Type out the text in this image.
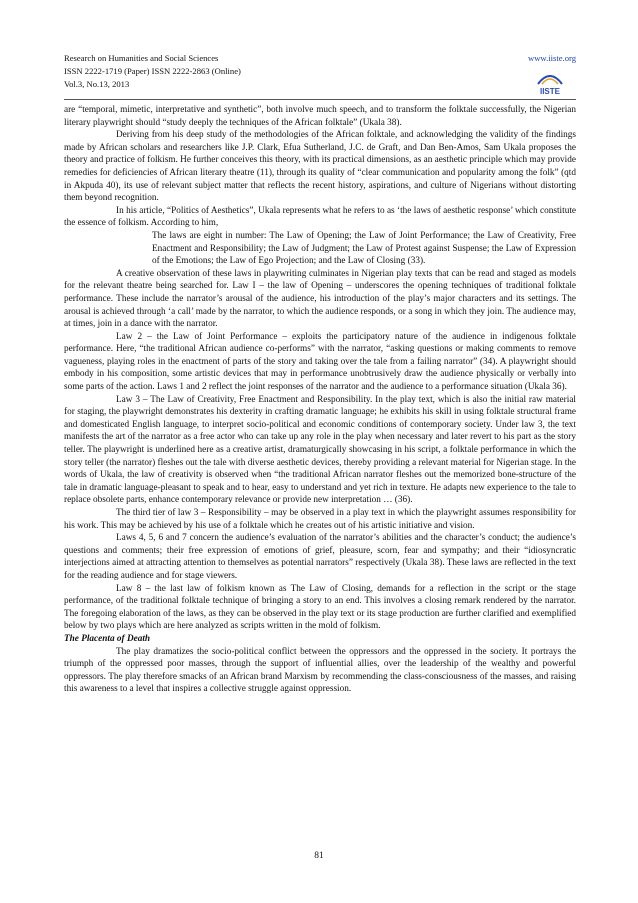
Research on Humanities and Social Sciences	www.iiste.org
ISSN 2222-1719 (Paper) ISSN 2222-2863 (Online)
Vol.3, No.13, 2013
IISTE

are “temporal, mimetic, interpretative and synthetic”, both involve much speech, and to transform the folktale successfully, the Nigerian literary playwright should “study deeply the techniques of the African folktale” (Ukala 38).

Deriving from his deep study of the methodologies of the African folktale, and acknowledging the validity of the findings made by African scholars and researchers like J.P. Clark, Efua Sutherland, J.C. de Graft, and Dan Ben-Amos, Sam Ukala proposes the theory and practice of folkism. He further conceives this theory, with its practical dimensions, as an aesthetic principle which may provide remedies for deficiencies of African literary theatre (11), through its quality of “clear communication and popularity among the folk” (qtd in Akpuda 40), its use of relevant subject matter that reflects the recent history, aspirations, and culture of Nigerians without distorting them beyond recognition.

In his article, “Politics of Aesthetics”, Ukala represents what he refers to as ‘the laws of aesthetic response’ which constitute the essence of folkism. According to him,

The laws are eight in number: The Law of Opening; the Law of Joint Performance; the Law of Creativity, Free Enactment and Responsibility; the Law of Judgment; the Law of Protest against Suspense; the Law of Expression of the Emotions; the Law of Ego Projection; and the Law of Closing (33).

A creative observation of these laws in playwriting culminates in Nigerian play texts that can be read and staged as models for the relevant theatre being searched for. Law I – the law of Opening – underscores the opening techniques of traditional folktale performance. These include the narrator’s arousal of the audience, his introduction of the play’s major characters and its settings. The arousal is achieved through ‘a call’ made by the narrator, to which the audience responds, or a song in which they join. The audience may, at times, join in a dance with the narrator.

Law 2 – the Law of Joint Performance – exploits the participatory nature of the audience in indigenous folktale performance. Here, “the traditional African audience co-performs” with the narrator, “asking questions or making comments to remove vagueness, playing roles in the enactment of parts of the story and taking over the tale from a failing narrator” (34). A playwright should embody in his composition, some artistic devices that may in performance unobtrusively draw the audience physically or verbally into some parts of the action. Laws 1 and 2 reflect the joint responses of the narrator and the audience to a performance situation (Ukala 36).

Law 3 – The Law of Creativity, Free Enactment and Responsibility. In the play text, which is also the initial raw material for staging, the playwright demonstrates his dexterity in crafting dramatic language; he exhibits his skill in using folktale structural frame and domesticated English language, to interpret socio-political and economic conditions of contemporary society. Under law 3, the text manifests the art of the narrator as a free actor who can take up any role in the play when necessary and later revert to his part as the story teller. The playwright is underlined here as a creative artist, dramaturgically showcasing in his script, a folktale performance in which the story teller (the narrator) fleshes out the tale with diverse aesthetic devices, thereby providing a relevant material for Nigerian stage. In the words of Ukala, the law of creativity is observed when “the traditional African narrator fleshes out the memorized bone-structure of the tale in dramatic language-pleasant to speak and to hear, easy to understand and yet rich in texture. He adapts new experience to the tale to replace obsolete parts, enhance contemporary relevance or provide new interpretation … (36).

The third tier of law 3 – Responsibility – may be observed in a play text in which the playwright assumes responsibility for his work. This may be achieved by his use of a folktale which he creates out of his artistic initiative and vision.

Laws 4, 5, 6 and 7 concern the audience’s evaluation of the narrator’s abilities and the character’s conduct; the audience’s questions and comments; their free expression of emotions of grief, pleasure, scorn, fear and sympathy; and their “idiosyncratic interjections aimed at attracting attention to themselves as potential narrators” respectively (Ukala 38). These laws are reflected in the text for the reading audience and for stage viewers.

Law 8 – the last law of folkism known as The Law of Closing, demands for a reflection in the script or the stage performance, of the traditional folktale technique of bringing a story to an end. This involves a closing remark rendered by the narrator. The foregoing elaboration of the laws, as they can be observed in the play text or its stage production are further clarified and exemplified below by two plays which are here analyzed as scripts written in the mold of folkism.

The Placenta of Death

The play dramatizes the socio-political conflict between the oppressors and the oppressed in the society. It portrays the triumph of the oppressed poor masses, through the support of influential allies, over the leadership of the wealthy and powerful oppressors. The play therefore smacks of an African brand Marxism by recommending the class-consciousness of the masses, and raising this awareness to a level that inspires a collective struggle against oppression.

81
